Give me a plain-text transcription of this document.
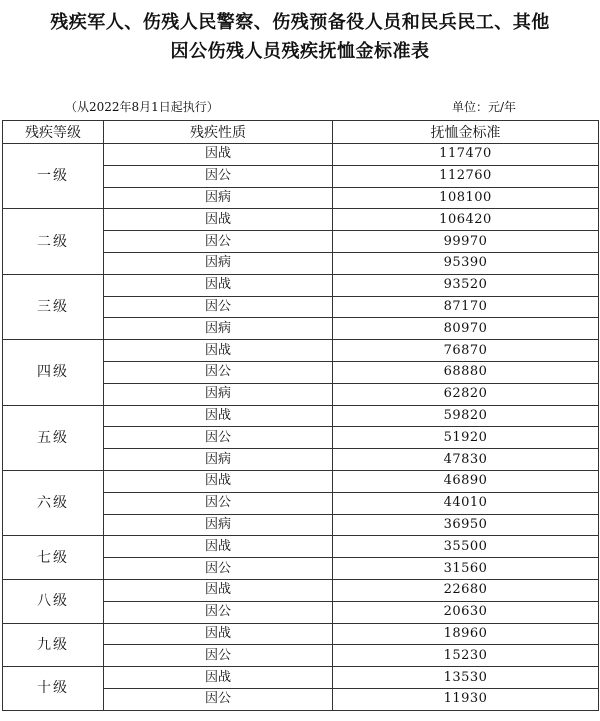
残疾军人、伤残人民警察、伤残预备役人员和民兵民工、其他
因公伤残人员残疾抚恤金标准表
（从2022年8月1日起执行）	单位：元/年
残疾等级	残疾性质	抚恤金标准
一级	因战	117470
	因公	112760
	因病	108100
二级	因战	106420
	因公	99970
	因病	95390
三级	因战	93520
	因公	87170
	因病	80970
四级	因战	76870
	因公	68880
	因病	62820
五级	因战	59820
	因公	51920
	因病	47830
六级	因战	46890
	因公	44010
	因病	36950
七级	因战	35500
	因公	31560
八级	因战	22680
	因公	20630
九级	因战	18960
	因公	15230
十级	因战	13530
	因公	11930
